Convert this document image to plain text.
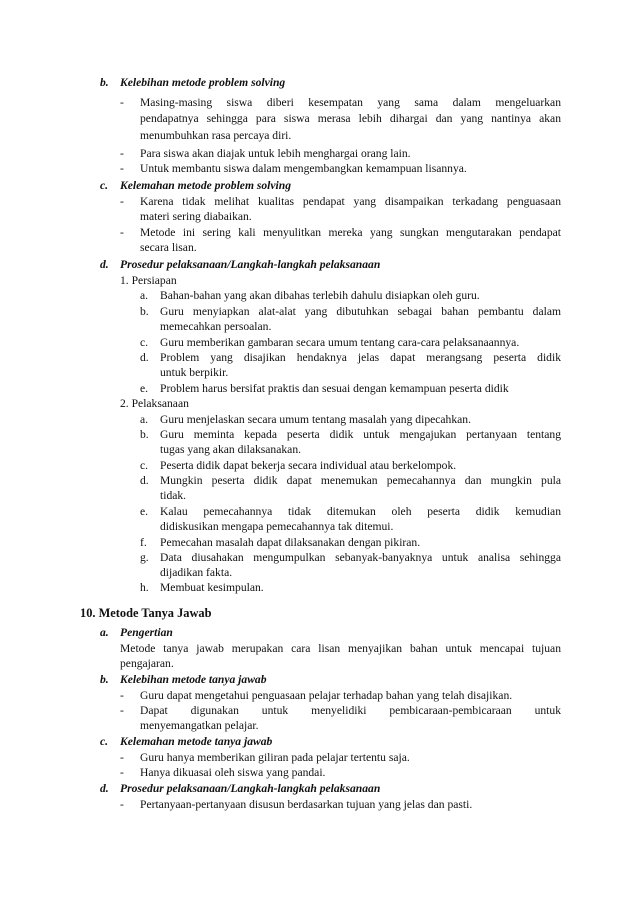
b. Kelebihan metode problem solving
- Masing-masing siswa diberi kesempatan yang sama dalam mengeluarkan
pendapatnya sehingga para siswa merasa lebih dihargai dan yang nantinya akan
menumbuhkan rasa percaya diri.
- Para siswa akan diajak untuk lebih menghargai orang lain.
- Untuk membantu siswa dalam mengembangkan kemampuan lisannya.
c. Kelemahan metode problem solving
- Karena tidak melihat kualitas pendapat yang disampaikan terkadang penguasaan
materi sering diabaikan.
- Metode ini sering kali menyulitkan mereka yang sungkan mengutarakan pendapat
secara lisan.
d. Prosedur pelaksanaan/Langkah-langkah pelaksanaan
1. Persiapan
a. Bahan-bahan yang akan dibahas terlebih dahulu disiapkan oleh guru.
b. Guru menyiapkan alat-alat yang dibutuhkan sebagai bahan pembantu dalam
memecahkan persoalan.
c. Guru memberikan gambaran secara umum tentang cara-cara pelaksanaannya.
d. Problem yang disajikan hendaknya jelas dapat merangsang peserta didik
untuk berpikir.
e. Problem harus bersifat praktis dan sesuai dengan kemampuan peserta didik
2. Pelaksanaan
a. Guru menjelaskan secara umum tentang masalah yang dipecahkan.
b. Guru meminta kepada peserta didik untuk mengajukan pertanyaan tentang
tugas yang akan dilaksanakan.
c. Peserta didik dapat bekerja secara individual atau berkelompok.
d. Mungkin peserta didik dapat menemukan pemecahannya dan mungkin pula
tidak.
e. Kalau pemecahannya tidak ditemukan oleh peserta didik kemudian
didiskusikan mengapa pemecahannya tak ditemui.
f. Pemecahan masalah dapat dilaksanakan dengan pikiran.
g. Data diusahakan mengumpulkan sebanyak-banyaknya untuk analisa sehingga
dijadikan fakta.
h. Membuat kesimpulan.
10. Metode Tanya Jawab
a. Pengertian
Metode tanya jawab merupakan cara lisan menyajikan bahan untuk mencapai tujuan
pengajaran.
b. Kelebihan metode tanya jawab
- Guru dapat mengetahui penguasaan pelajar terhadap bahan yang telah disajikan.
- Dapat digunakan untuk menyelidiki pembicaraan-pembicaraan untuk
menyemangatkan pelajar.
c. Kelemahan metode tanya jawab
- Guru hanya memberikan giliran pada pelajar tertentu saja.
- Hanya dikuasai oleh siswa yang pandai.
d. Prosedur pelaksanaan/Langkah-langkah pelaksanaan
- Pertanyaan-pertanyaan disusun berdasarkan tujuan yang jelas dan pasti.
